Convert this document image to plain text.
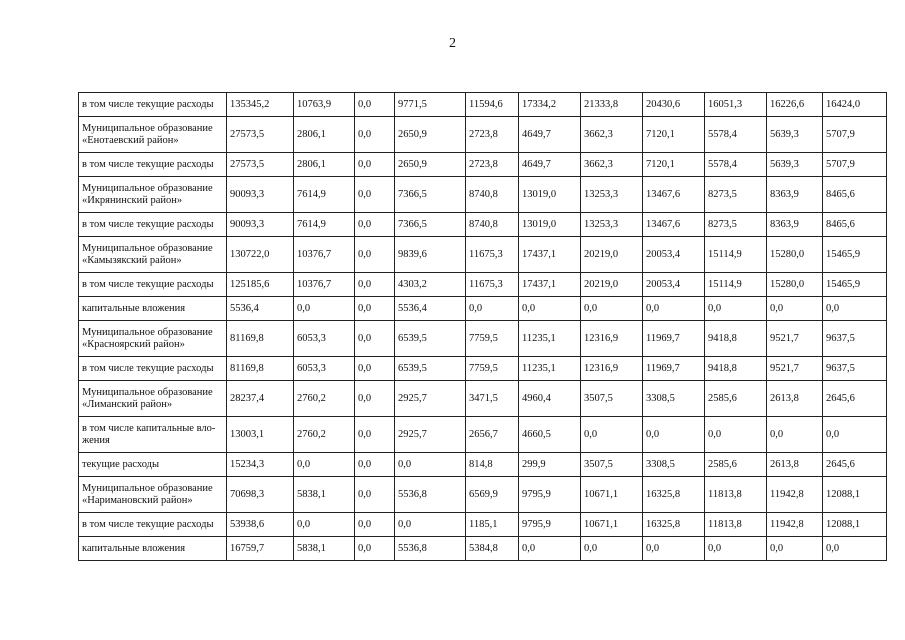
2
в том числе текущие расходы	135345,2	10763,9	0,0	9771,5	11594,6	17334,2	21333,8	20430,6	16051,3	16226,6	16424,0
Муниципальное образование «Енотаевский район»	27573,5	2806,1	0,0	2650,9	2723,8	4649,7	3662,3	7120,1	5578,4	5639,3	5707,9
в том числе текущие расходы	27573,5	2806,1	0,0	2650,9	2723,8	4649,7	3662,3	7120,1	5578,4	5639,3	5707,9
Муниципальное образование «Икрянинский район»	90093,3	7614,9	0,0	7366,5	8740,8	13019,0	13253,3	13467,6	8273,5	8363,9	8465,6
в том числе текущие расходы	90093,3	7614,9	0,0	7366,5	8740,8	13019,0	13253,3	13467,6	8273,5	8363,9	8465,6
Муниципальное образование «Камызякский район»	130722,0	10376,7	0,0	9839,6	11675,3	17437,1	20219,0	20053,4	15114,9	15280,0	15465,9
в том числе текущие расходы	125185,6	10376,7	0,0	4303,2	11675,3	17437,1	20219,0	20053,4	15114,9	15280,0	15465,9
капитальные вложения	5536,4	0,0	0,0	5536,4	0,0	0,0	0,0	0,0	0,0	0,0	0,0
Муниципальное образование «Красноярский район»	81169,8	6053,3	0,0	6539,5	7759,5	11235,1	12316,9	11969,7	9418,8	9521,7	9637,5
в том числе текущие расходы	81169,8	6053,3	0,0	6539,5	7759,5	11235,1	12316,9	11969,7	9418,8	9521,7	9637,5
Муниципальное образование «Лиманский район»	28237,4	2760,2	0,0	2925,7	3471,5	4960,4	3507,5	3308,5	2585,6	2613,8	2645,6
в том числе капитальные вло-жения	13003,1	2760,2	0,0	2925,7	2656,7	4660,5	0,0	0,0	0,0	0,0	0,0
текущие расходы	15234,3	0,0	0,0	0,0	814,8	299,9	3507,5	3308,5	2585,6	2613,8	2645,6
Муниципальное образование «Наримановский район»	70698,3	5838,1	0,0	5536,8	6569,9	9795,9	10671,1	16325,8	11813,8	11942,8	12088,1
в том числе текущие расходы	53938,6	0,0	0,0	0,0	1185,1	9795,9	10671,1	16325,8	11813,8	11942,8	12088,1
капитальные вложения	16759,7	5838,1	0,0	5536,8	5384,8	0,0	0,0	0,0	0,0	0,0	0,0
